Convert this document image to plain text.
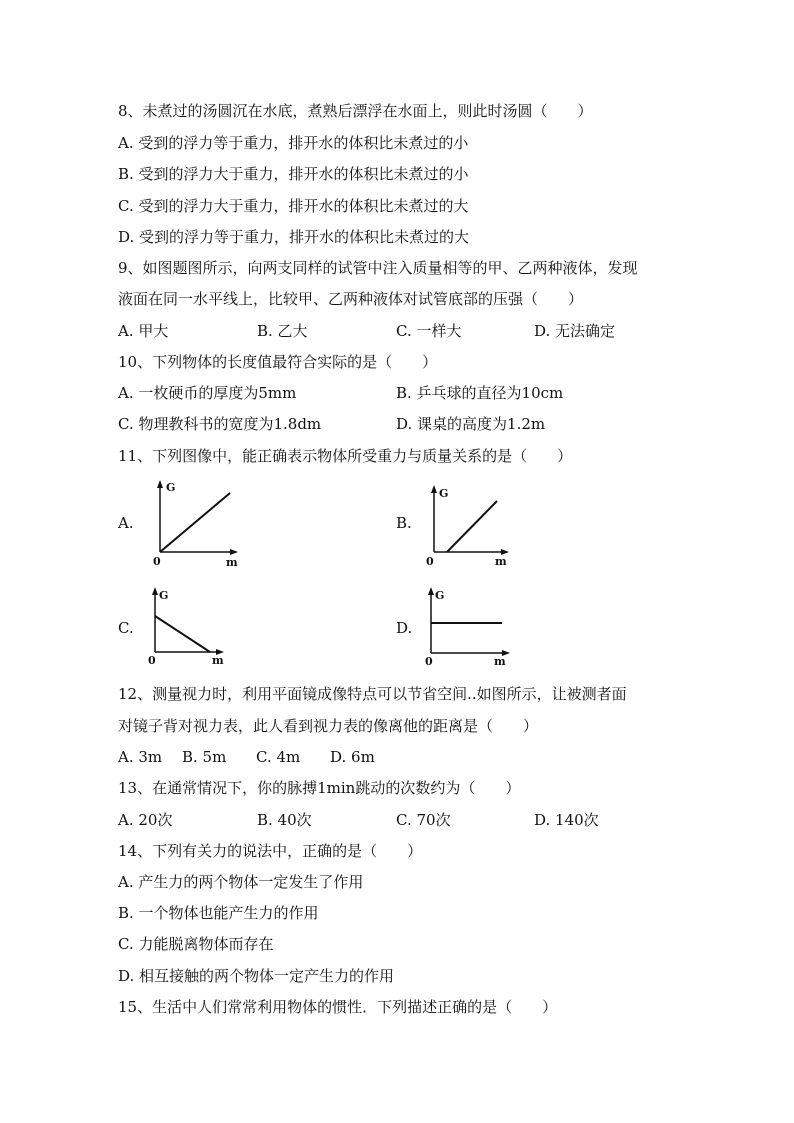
8、未煮过的汤圆沉在水底，煮熟后漂浮在水面上，则此时汤圆（　　）
A. 受到的浮力等于重力，排开水的体积比未煮过的小
B. 受到的浮力大于重力，排开水的体积比未煮过的小
C. 受到的浮力大于重力，排开水的体积比未煮过的大
D. 受到的浮力等于重力，排开水的体积比未煮过的大
9、如图题图所示，向两支同样的试管中注入质量相等的甲、乙两种液体，发现
液面在同一水平线上，比较甲、乙两种液体对试管底部的压强（　　）
A. 甲大	B. 乙大	C. 一样大	D. 无法确定
10、下列物体的长度值最符合实际的是（　　）
A. 一枚硬币的厚度为5mm	B. 乒乓球的直径为10cm
C. 物理教科书的宽度为1.8dm	D. 课桌的高度为1.2m
11、下列图像中，能正确表示物体所受重力与质量关系的是（　　）
A.
G
m
0
B.
G
m
0
C.
G
m
0
D.
G
m
0
12、测量视力时，利用平面镜成像特点可以节省空间..如图所示，让被测者面
对镜子背对视力表，此人看到视力表的像离他的距离是（　　）
A. 3m B. 5m C. 4m D. 6m
13、在通常情况下，你的脉搏1min跳动的次数约为（　　）
A. 20次	B. 40次	C. 70次	D. 140次
14、下列有关力的说法中，正确的是（　　）
A. 产生力的两个物体一定发生了作用
B. 一个物体也能产生力的作用
C. 力能脱离物体而存在
D. 相互接触的两个物体一定产生力的作用
15、生活中人们常常利用物体的惯性．下列描述正确的是（　　）
